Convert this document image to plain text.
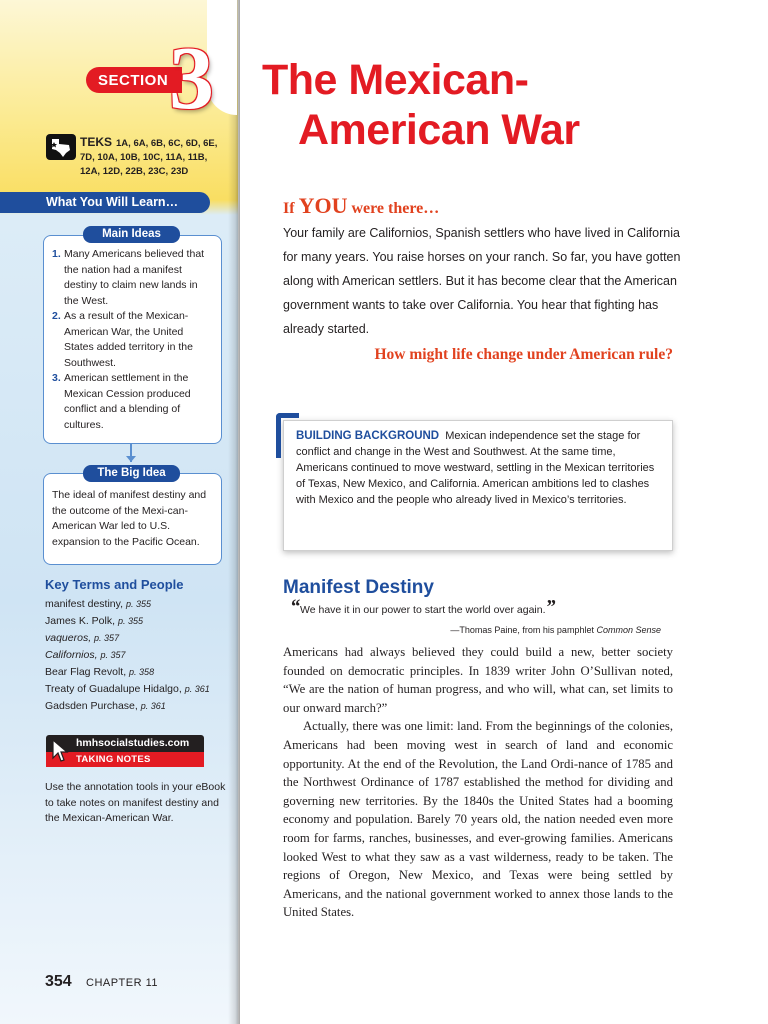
SECTION 3
TEKS 1A, 6A, 6B, 6C, 6D, 6E, 7D, 10A, 10B, 10C, 11A, 11B, 12A, 12D, 22B, 23C, 23D
What You Will Learn…
Main Ideas
1. Many Americans believed that the nation had a manifest destiny to claim new lands in the West.
2. As a result of the Mexican-American War, the United States added territory in the Southwest.
3. American settlement in the Mexican Cession produced conflict and a blending of cultures.
The Big Idea
The ideal of manifest destiny and the outcome of the Mexi-can-American War led to U.S. expansion to the Pacific Ocean.
Key Terms and People
manifest destiny, p. 355
James K. Polk, p. 355
vaqueros, p. 357
Californios, p. 357
Bear Flag Revolt, p. 358
Treaty of Guadalupe Hidalgo, p. 361
Gadsden Purchase, p. 361
hmhsocialstudies.com
TAKING NOTES
Use the annotation tools in your eBook to take notes on manifest destiny and the Mexican-American War.
354 CHAPTER 11
The Mexican-
American War
If YOU were there…
Your family are Californios, Spanish settlers who have lived in California for many years. You raise horses on your ranch. So far, you have gotten along with American settlers. But it has become clear that the American government wants to take over California. You hear that fighting has already started.
How might life change under American rule?
BUILDING BACKGROUND Mexican independence set the stage for conflict and change in the West and Southwest. At the same time, Americans continued to move westward, settling in the Mexican territories of Texas, New Mexico, and California. American ambitions led to clashes with Mexico and the people who already lived in Mexico’s territories.
Manifest Destiny
“We have it in our power to start the world over again.”
—Thomas Paine, from his pamphlet Common Sense

Americans had always believed they could build a new, better society founded on democratic principles. In 1839 writer John O’Sullivan noted, “We are the nation of human progress, and who will, what can, set limits to our onward march?”

Actually, there was one limit: land. From the beginnings of the colonies, Americans had been moving west in search of land and economic opportunity. At the end of the Revolution, the Land Ordi-nance of 1785 and the Northwest Ordinance of 1787 established the method for dividing and governing new territories. By the 1840s the United States had a booming economy and population. Barely 70 years old, the nation needed even more room for farms, ranches, businesses, and ever-growing families. Americans looked West to what they saw as a vast wilderness, ready to be taken. The regions of Oregon, New Mexico, and Texas were being settled by Americans, and the national government worked to annex those lands to the United States.
